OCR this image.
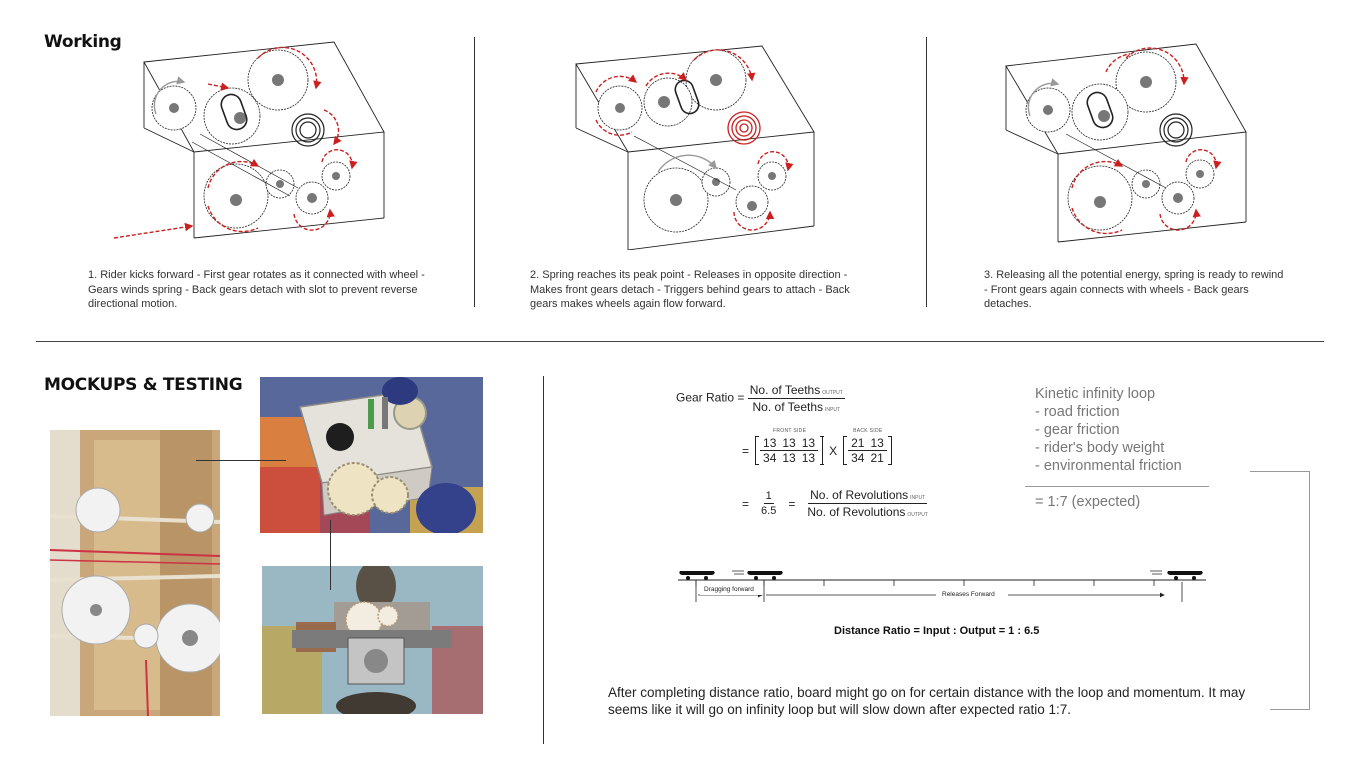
Working
1. Rider kicks forward - First gear rotates as it connected with wheel - Gears winds spring - Back gears detach with slot to prevent reverse directional motion.
2. Spring reaches its peak point - Releases in opposite direction - Makes front gears detach - Triggers behind gears to attach - Back gears makes wheels again flow forward.
3. Releasing all the potential energy, spring is ready to rewind - Front gears again connects with wheels - Back gears detaches.
MOCKUPS & TESTING
Gear Ratio = $\frac{\text{No. of Teeths OUTPUT}}{\text{No. of Teeths INPUT}}$
=
FRONT SIDE
13 13 13
34 13 13
X
BACK SIDE
21 13
34 21
= $\frac{1}{6.5} = \frac{\text{No. of Revolutions INPUT}}{\text{No. of Revolutions OUTPUT}}$
Kinetic infinity loop
- road friction
- gear friction
- rider's body weight
- environmental friction
= 1:7 (expected)
Dragging forward
Releases Forward
Distance Ratio = Input : Output = 1 : 6.5
After completing distance ratio, board might go on for certain distance with the loop and momentum. It may seems like it will go on infinity loop but will slow down after expected ratio 1:7.
